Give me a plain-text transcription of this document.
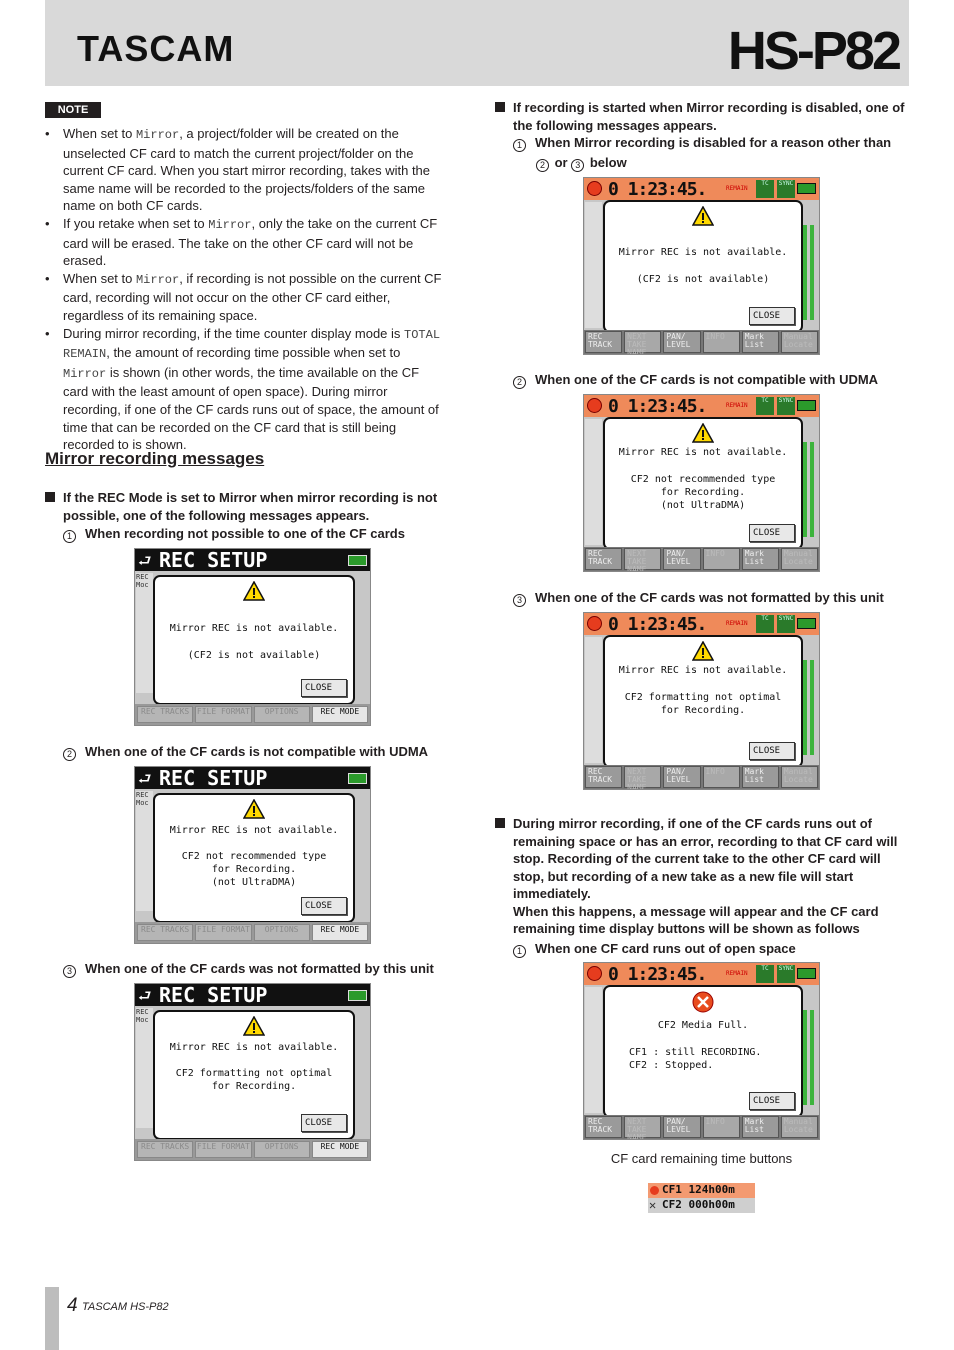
TASCAM	HS-P82
NOTE
• When set to Mirror, a project/folder will be created on the unselected CF card to match the current project/folder on the current CF card. When you start mirror recording, takes with the same name will be recorded to the projects/folders of the same name on both CF cards.
• If you retake when set to Mirror, only the take on the current CF card will be erased. The take on the other CF card will not be erased.
• When set to Mirror, if recording is not possible on the current CF card, recording will not occur on the other CF card either, regardless of its remaining space.
• During mirror recording, if the time counter display mode is TOTAL REMAIN, the amount of recording time possible when set to Mirror is shown (in other words, the time available on the CF card with the least amount of open space). During mirror recording, if one of the CF cards runs out of space, the amount of time that can be recorded on the CF card that is still being recorded to is shown.
Mirror recording messages
If the REC Mode is set to Mirror when mirror recording is not possible, one of the following messages appears.
1 When recording not possible to one of the CF cards
⮐ REC SETUP
REC Moc
Mirror REC is not available.
(CF2 is not available)
CLOSE
REC TRACKS FILE FORMAT	OPTIONS	REC MODE
2 When one of the CF cards is not compatible with UDMA
⮐ REC SETUP
REC Moc
Mirror REC is not available.
CF2 not recommended type
for Recording.
(not UltraDMA)
CLOSE
REC TRACKS FILE FORMAT	OPTIONS	REC MODE
3 When one of the CF cards was not formatted by this unit
⮐ REC SETUP
REC Moc
Mirror REC is not available.
CF2 formatting not optimal
for Recording.
CLOSE
REC TRACKS FILE FORMAT	OPTIONS	REC MODE
If recording is started when Mirror recording is disabled, one of the following messages appears.
1 When Mirror recording is disabled for a reason other than
2 or 3 below
0 1:23:45.	REMAIN
TC	SYNC
Mirror REC is not available.
(CF2 is not available)
CLOSE
REC TRACK
NEXT TAKE NAME
PAN/ LEVEL
INFO	Mark List
Manual Locate
2 When one of the CF cards is not compatible with UDMA
0 1:23:45.	REMAIN
TC	SYNC
Mirror REC is not available.
CF2 not recommended type
for Recording.
(not UltraDMA)
CLOSE
REC TRACK
NEXT TAKE NAME
PAN/ LEVEL
INFO	Mark List
Manual Locate
3 When one of the CF cards was not formatted by this unit
0 1:23:45.	REMAIN
TC	SYNC
Mirror REC is not available.
CF2 formatting not optimal
for Recording.
CLOSE
REC TRACK
NEXT TAKE NAME
PAN/ LEVEL
INFO	Mark List
Manual Locate
During mirror recording, if one of the CF cards runs out of remaining space or has an error, recording to that CF card will stop. Recording of the current take to the other CF card will stop, but recording of a new take as a new file will start immediately.
When this happens, a message will appear and the CF card remaining time display buttons will be shown as follows
1 When one CF card runs out of open space
0 1:23:45.	REMAIN
TC	SYNC
CF2 Media Full.
CF1 : still RECORDING.
CF2 : Stopped.
CLOSE
REC TRACK
NEXT TAKE NAME
PAN/ LEVEL
INFO	Mark List
Manual Locate
CF card remaining time buttons
CF1 124h00m
✕ CF2 000h00m
4 TASCAM HS-P82
